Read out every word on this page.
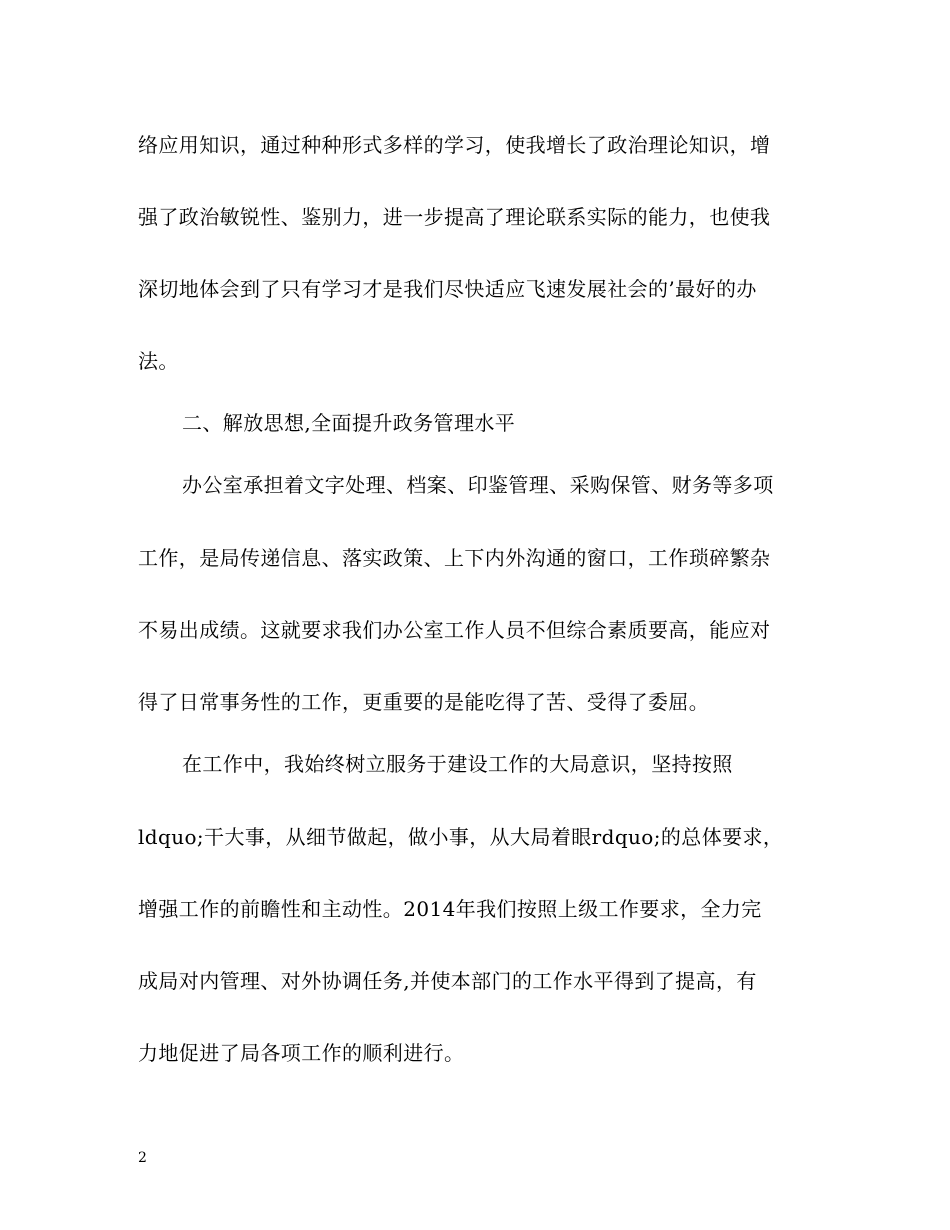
络应用知识，通过种种形式多样的学习，使我增长了政治理论知识，增
强了政治敏锐性、鉴别力，进一步提高了理论联系实际的能力，也使我
深切地体会到了只有学习才是我们尽快适应飞速发展社会的’最好的办
法。
二、解放思想,全面提升政务管理水平
办公室承担着文字处理、档案、印鉴管理、采购保管、财务等多项
工作，是局传递信息、落实政策、上下内外沟通的窗口，工作琐碎繁杂
不易出成绩。这就要求我们办公室工作人员不但综合素质要高，能应对
得了日常事务性的工作，更重要的是能吃得了苦、受得了委屈。
在工作中，我始终树立服务于建设工作的大局意识，坚持按照
ldquo;干大事，从细节做起，做小事，从大局着眼rdquo;的总体要求，
增强工作的前瞻性和主动性。2014年我们按照上级工作要求，全力完
成局对内管理、对外协调任务,并使本部门的工作水平得到了提高，有
力地促进了局各项工作的顺利进行。
2
